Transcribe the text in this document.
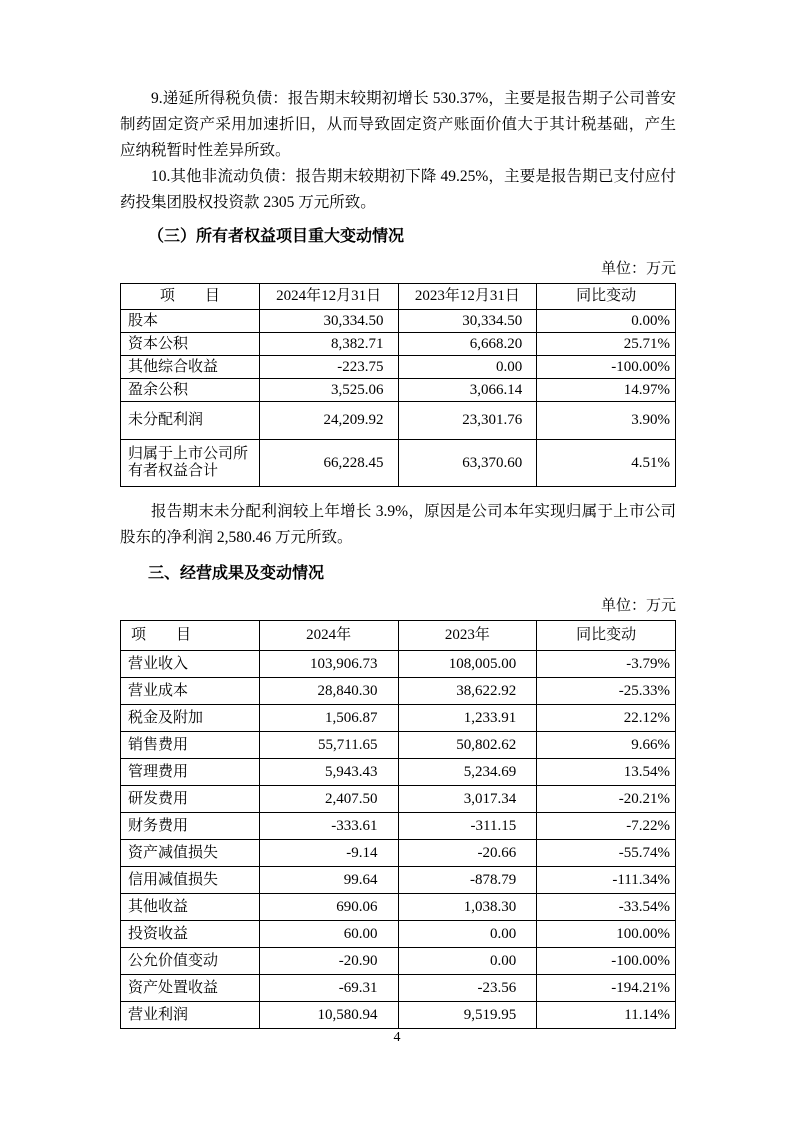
9.递延所得税负债：报告期末较期初增长 530.37%，主要是报告期子公司普安制药固定资产采用加速折旧，从而导致固定资产账面价值大于其计税基础，产生应纳税暂时性差异所致。

10.其他非流动负债：报告期末较期初下降 49.25%，主要是报告期已支付应付药投集团股权投资款 2305 万元所致。

（三）所有者权益项目重大变动情况
单位：万元
项　　目	2024年12月31日	2023年12月31日	同比变动
股本	30,334.50	30,334.50	0.00%
资本公积	8,382.71	6,668.20	25.71%
其他综合收益	-223.75	0.00	-100.00%
盈余公积	3,525.06	3,066.14	14.97%
未分配利润	24,209.92	23,301.76	3.90%
归属于上市公司所有者权益合计	66,228.45	63,370.60	4.51%

报告期末未分配利润较上年增长 3.9%，原因是公司本年实现归属于上市公司股东的净利润 2,580.46 万元所致。

三、经营成果及变动情况
单位：万元
项　　目	2024年	2023年	同比变动
营业收入	103,906.73	108,005.00	-3.79%
营业成本	28,840.30	38,622.92	-25.33%
税金及附加	1,506.87	1,233.91	22.12%
销售费用	55,711.65	50,802.62	9.66%
管理费用	5,943.43	5,234.69	13.54%
研发费用	2,407.50	3,017.34	-20.21%
财务费用	-333.61	-311.15	-7.22%
资产减值损失	-9.14	-20.66	-55.74%
信用减值损失	99.64	-878.79	-111.34%
其他收益	690.06	1,038.30	-33.54%
投资收益	60.00	0.00	100.00%
公允价值变动	-20.90	0.00	-100.00%
资产处置收益	-69.31	-23.56	-194.21%
营业利润	10,580.94	9,519.95	11.14%
4
